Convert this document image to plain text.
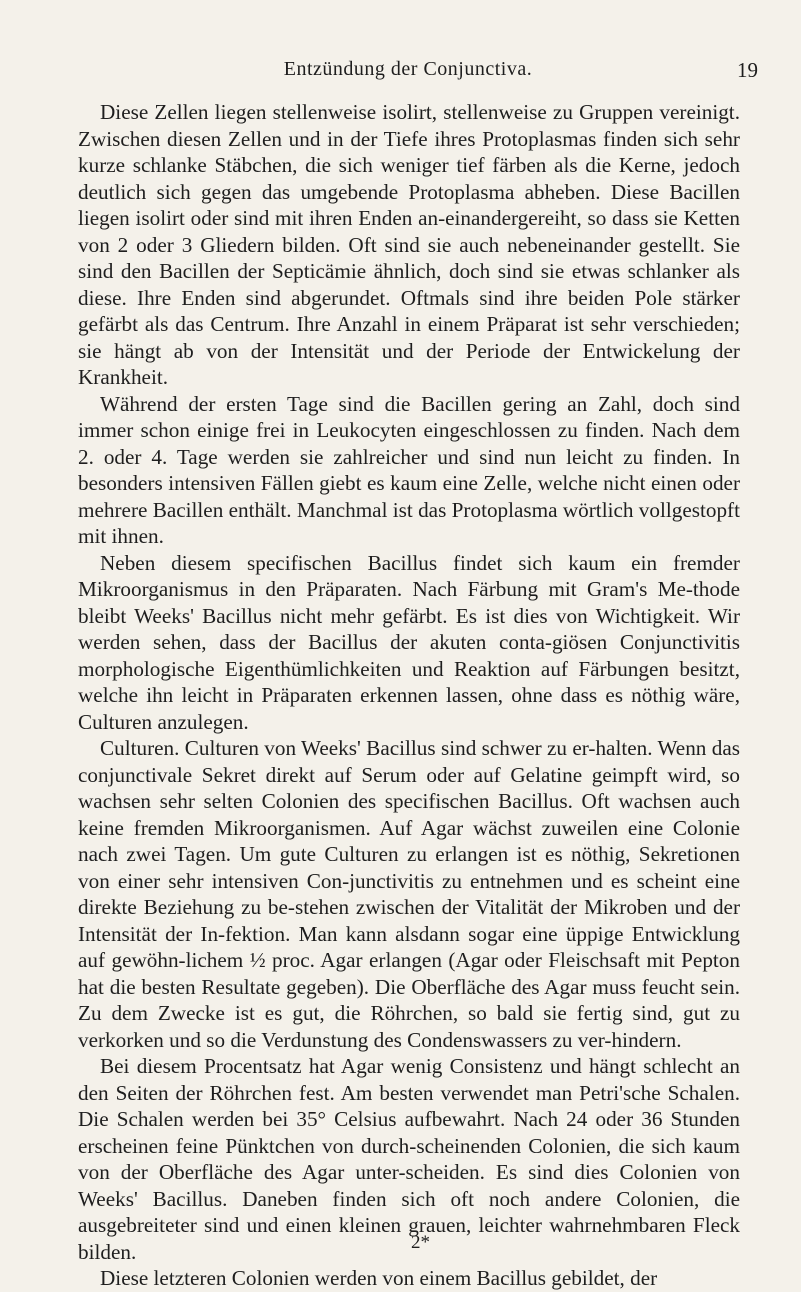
Entzündung der Conjunctiva.	19

Diese Zellen liegen stellenweise isolirt, stellenweise zu Gruppen vereinigt. Zwischen diesen Zellen und in der Tiefe ihres Protoplasmas finden sich sehr kurze schlanke Stäbchen, die sich weniger tief färben als die Kerne, jedoch deutlich sich gegen das umgebende Protoplasma abheben. Diese Bacillen liegen isolirt oder sind mit ihren Enden an-einandergereiht, so dass sie Ketten von 2 oder 3 Gliedern bilden. Oft sind sie auch nebeneinander gestellt. Sie sind den Bacillen der Septicämie ähnlich, doch sind sie etwas schlanker als diese. Ihre Enden sind abgerundet. Oftmals sind ihre beiden Pole stärker gefärbt als das Centrum. Ihre Anzahl in einem Präparat ist sehr verschieden; sie hängt ab von der Intensität und der Periode der Entwickelung der Krankheit.

Während der ersten Tage sind die Bacillen gering an Zahl, doch sind immer schon einige frei in Leukocyten eingeschlossen zu finden. Nach dem 2. oder 4. Tage werden sie zahlreicher und sind nun leicht zu finden. In besonders intensiven Fällen giebt es kaum eine Zelle, welche nicht einen oder mehrere Bacillen enthält. Manchmal ist das Protoplasma wörtlich vollgestopft mit ihnen.

Neben diesem specifischen Bacillus findet sich kaum ein fremder Mikroorganismus in den Präparaten. Nach Färbung mit Gram's Me-thode bleibt Weeks' Bacillus nicht mehr gefärbt. Es ist dies von Wichtigkeit. Wir werden sehen, dass der Bacillus der akuten conta-giösen Conjunctivitis morphologische Eigenthümlichkeiten und Reaktion auf Färbungen besitzt, welche ihn leicht in Präparaten erkennen lassen, ohne dass es nöthig wäre, Culturen anzulegen.

Culturen. Culturen von Weeks' Bacillus sind schwer zu er-halten. Wenn das conjunctivale Sekret direkt auf Serum oder auf Gelatine geimpft wird, so wachsen sehr selten Colonien des specifischen Bacillus. Oft wachsen auch keine fremden Mikroorganismen. Auf Agar wächst zuweilen eine Colonie nach zwei Tagen. Um gute Culturen zu erlangen ist es nöthig, Sekretionen von einer sehr intensiven Con-junctivitis zu entnehmen und es scheint eine direkte Beziehung zu be-stehen zwischen der Vitalität der Mikroben und der Intensität der In-fektion. Man kann alsdann sogar eine üppige Entwicklung auf gewöhn-lichem ½ proc. Agar erlangen (Agar oder Fleischsaft mit Pepton hat die besten Resultate gegeben). Die Oberfläche des Agar muss feucht sein. Zu dem Zwecke ist es gut, die Röhrchen, so bald sie fertig sind, gut zu verkorken und so die Verdunstung des Condenswassers zu ver-hindern.

Bei diesem Procentsatz hat Agar wenig Consistenz und hängt schlecht an den Seiten der Röhrchen fest. Am besten verwendet man Petri'sche Schalen. Die Schalen werden bei 35° Celsius aufbewahrt. Nach 24 oder 36 Stunden erscheinen feine Pünktchen von durch-scheinenden Colonien, die sich kaum von der Oberfläche des Agar unter-scheiden. Es sind dies Colonien von Weeks' Bacillus. Daneben finden sich oft noch andere Colonien, die ausgebreiteter sind und einen kleinen grauen, leichter wahrnehmbaren Fleck bilden.

Diese letzteren Colonien werden von einem Bacillus gebildet, der

2*
